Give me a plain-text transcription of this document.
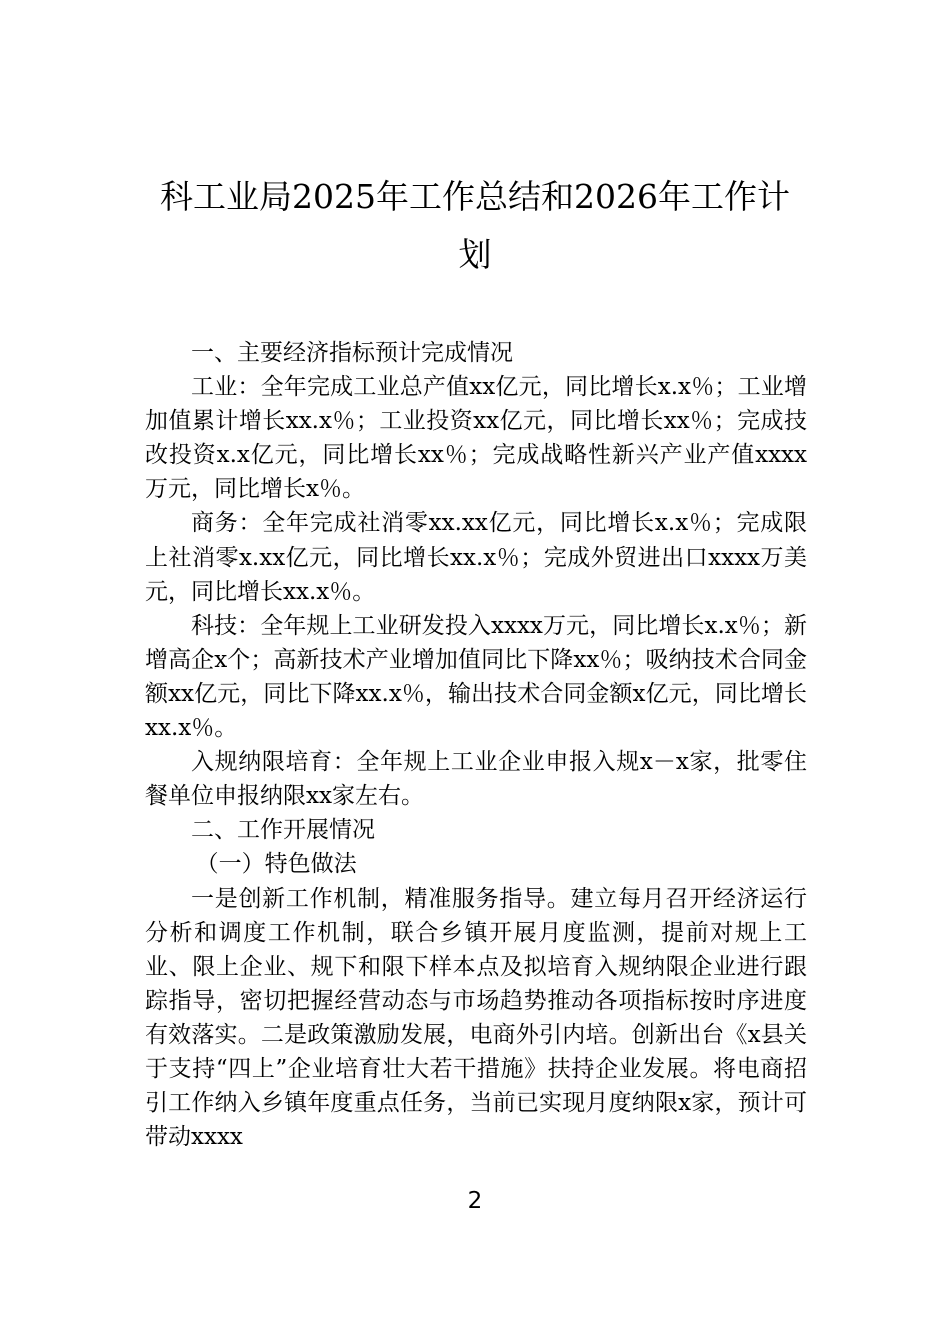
科工业局2025年工作总结和2026年工作计
划

一、主要经济指标预计完成情况

工业：全年完成工业总产值xx亿元，同比增长x.x％；工业增加值累计增长xx.x％；工业投资xx亿元，同比增长xx％；完成技改投资x.x亿元，同比增长xx％；完成战略性新兴产业产值xxxx万元，同比增长x％。

商务：全年完成社消零xx.xx亿元，同比增长x.x％；完成限上社消零x.xx亿元，同比增长xx.x％；完成外贸进出口xxxx万美元，同比增长xx.x％。

科技：全年规上工业研发投入xxxx万元，同比增长x.x％；新增高企x个；高新技术产业增加值同比下降xx％；吸纳技术合同金额xx亿元，同比下降xx.x％，输出技术合同金额x亿元，同比增长xx.x％。

入规纳限培育：全年规上工业企业申报入规x－x家，批零住餐单位申报纳限xx家左右。

二、工作开展情况

（一）特色做法

一是创新工作机制，精准服务指导。建立每月召开经济运行分析和调度工作机制，联合乡镇开展月度监测，提前对规上工业、限上企业、规下和限下样本点及拟培育入规纳限企业进行跟踪指导，密切把握经营动态与市场趋势推动各项指标按时序进度有效落实。二是政策激励发展，电商外引内培。创新出台《x县关于支持“四上”企业培育壮大若干措施》扶持企业发展。将电商招引工作纳入乡镇年度重点任务，当前已实现月度纳限x家，预计可带动xxxx

2
